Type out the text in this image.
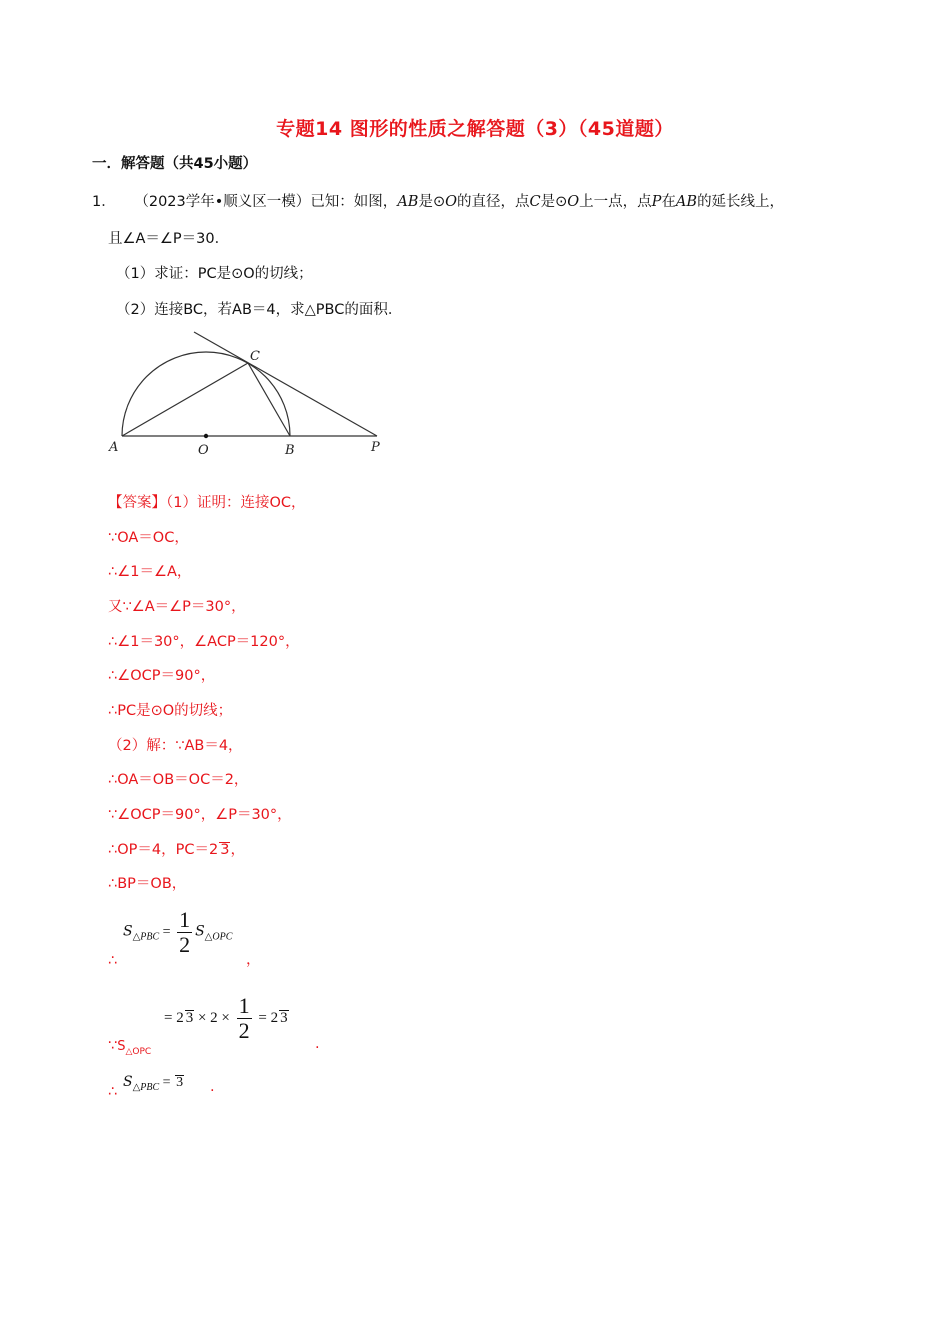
专题14 图形的性质之解答题（3）（45道题）
一．解答题（共45小题）
1． （2023学年•顺义区一模）已知：如图，AB是⊙O的直径，点C是⊙O上一点，点P在AB的延长线上，
且∠A＝∠P＝30．
（1）求证：PC是⊙O的切线；
（2）连接BC，若AB＝4，求△PBC的面积．
A	O	B	P
C
【答案】（1）证明：连接OC，
∵OA＝OC，
∴∠1＝∠A，
又∵∠A＝∠P＝30°，
∴∠1＝30°，∠ACP＝120°，
∴∠OCP＝90°，
∴PC是⊙O的切线；
（2）解：∵AB＝4，
∴OA＝OB＝OC＝2，
∵∠OCP＝90°，∠P＝30°，
∴OP＝4，PC＝2 3，
∴BP＝OB，
$S_{\triangle PBC} = \frac{1}{2} S_{\triangle OPC}$
∴	，
= 2 $3 \times 2 \times \frac{1}{2} = 2$ 3
$\because S_{\triangle OPC}$	.
$S_{\triangle PBC} = 3$
∴	.
